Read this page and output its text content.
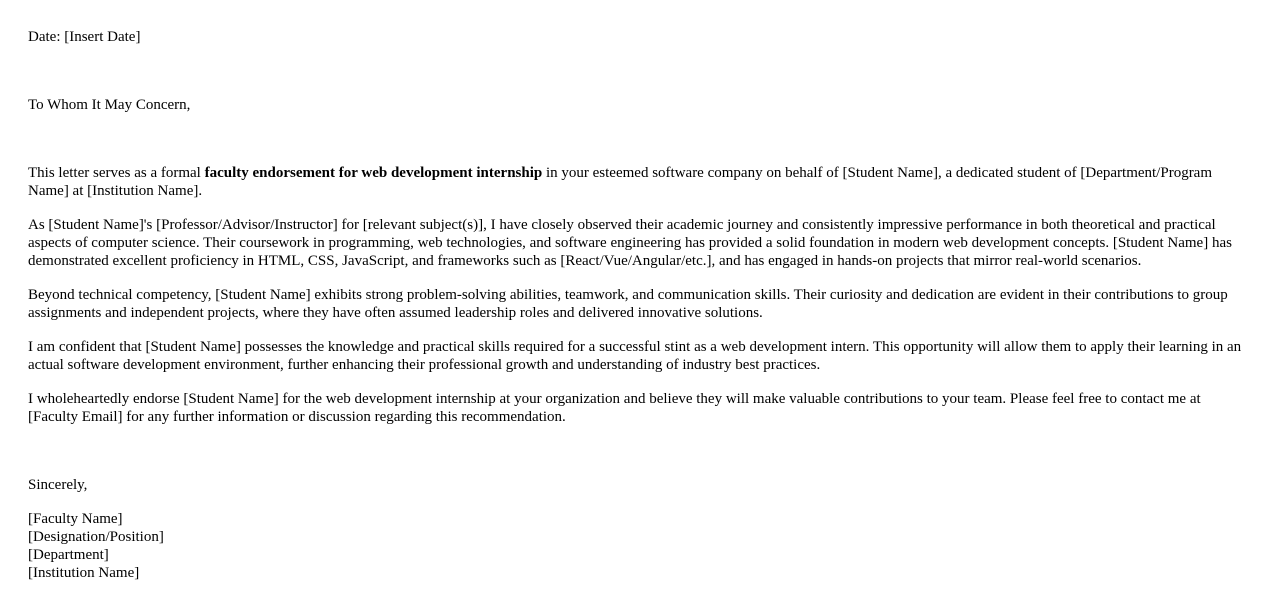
Date: [Insert Date]

To Whom It May Concern,

This letter serves as a formal faculty endorsement for web development internship in your esteemed software company on behalf of [Student Name], a dedicated student of [Department/Program Name] at [Institution Name].

As [Student Name]'s [Professor/Advisor/Instructor] for [relevant subject(s)], I have closely observed their academic journey and consistently impressive performance in both theoretical and practical aspects of computer science. Their coursework in programming, web technologies, and software engineering has provided a solid foundation in modern web development concepts. [Student Name] has demonstrated excellent proficiency in HTML, CSS, JavaScript, and frameworks such as [React/Vue/Angular/etc.], and has engaged in hands-on projects that mirror real-world scenarios.

Beyond technical competency, [Student Name] exhibits strong problem-solving abilities, teamwork, and communication skills. Their curiosity and dedication are evident in their contributions to group assignments and independent projects, where they have often assumed leadership roles and delivered innovative solutions.

I am confident that [Student Name] possesses the knowledge and practical skills required for a successful stint as a web development intern. This opportunity will allow them to apply their learning in an actual software development environment, further enhancing their professional growth and understanding of industry best practices.

I wholeheartedly endorse [Student Name] for the web development internship at your organization and believe they will make valuable contributions to your team. Please feel free to contact me at [Faculty Email] for any further information or discussion regarding this recommendation.

Sincerely,

[Faculty Name]
[Designation/Position]
[Department]
[Institution Name]
